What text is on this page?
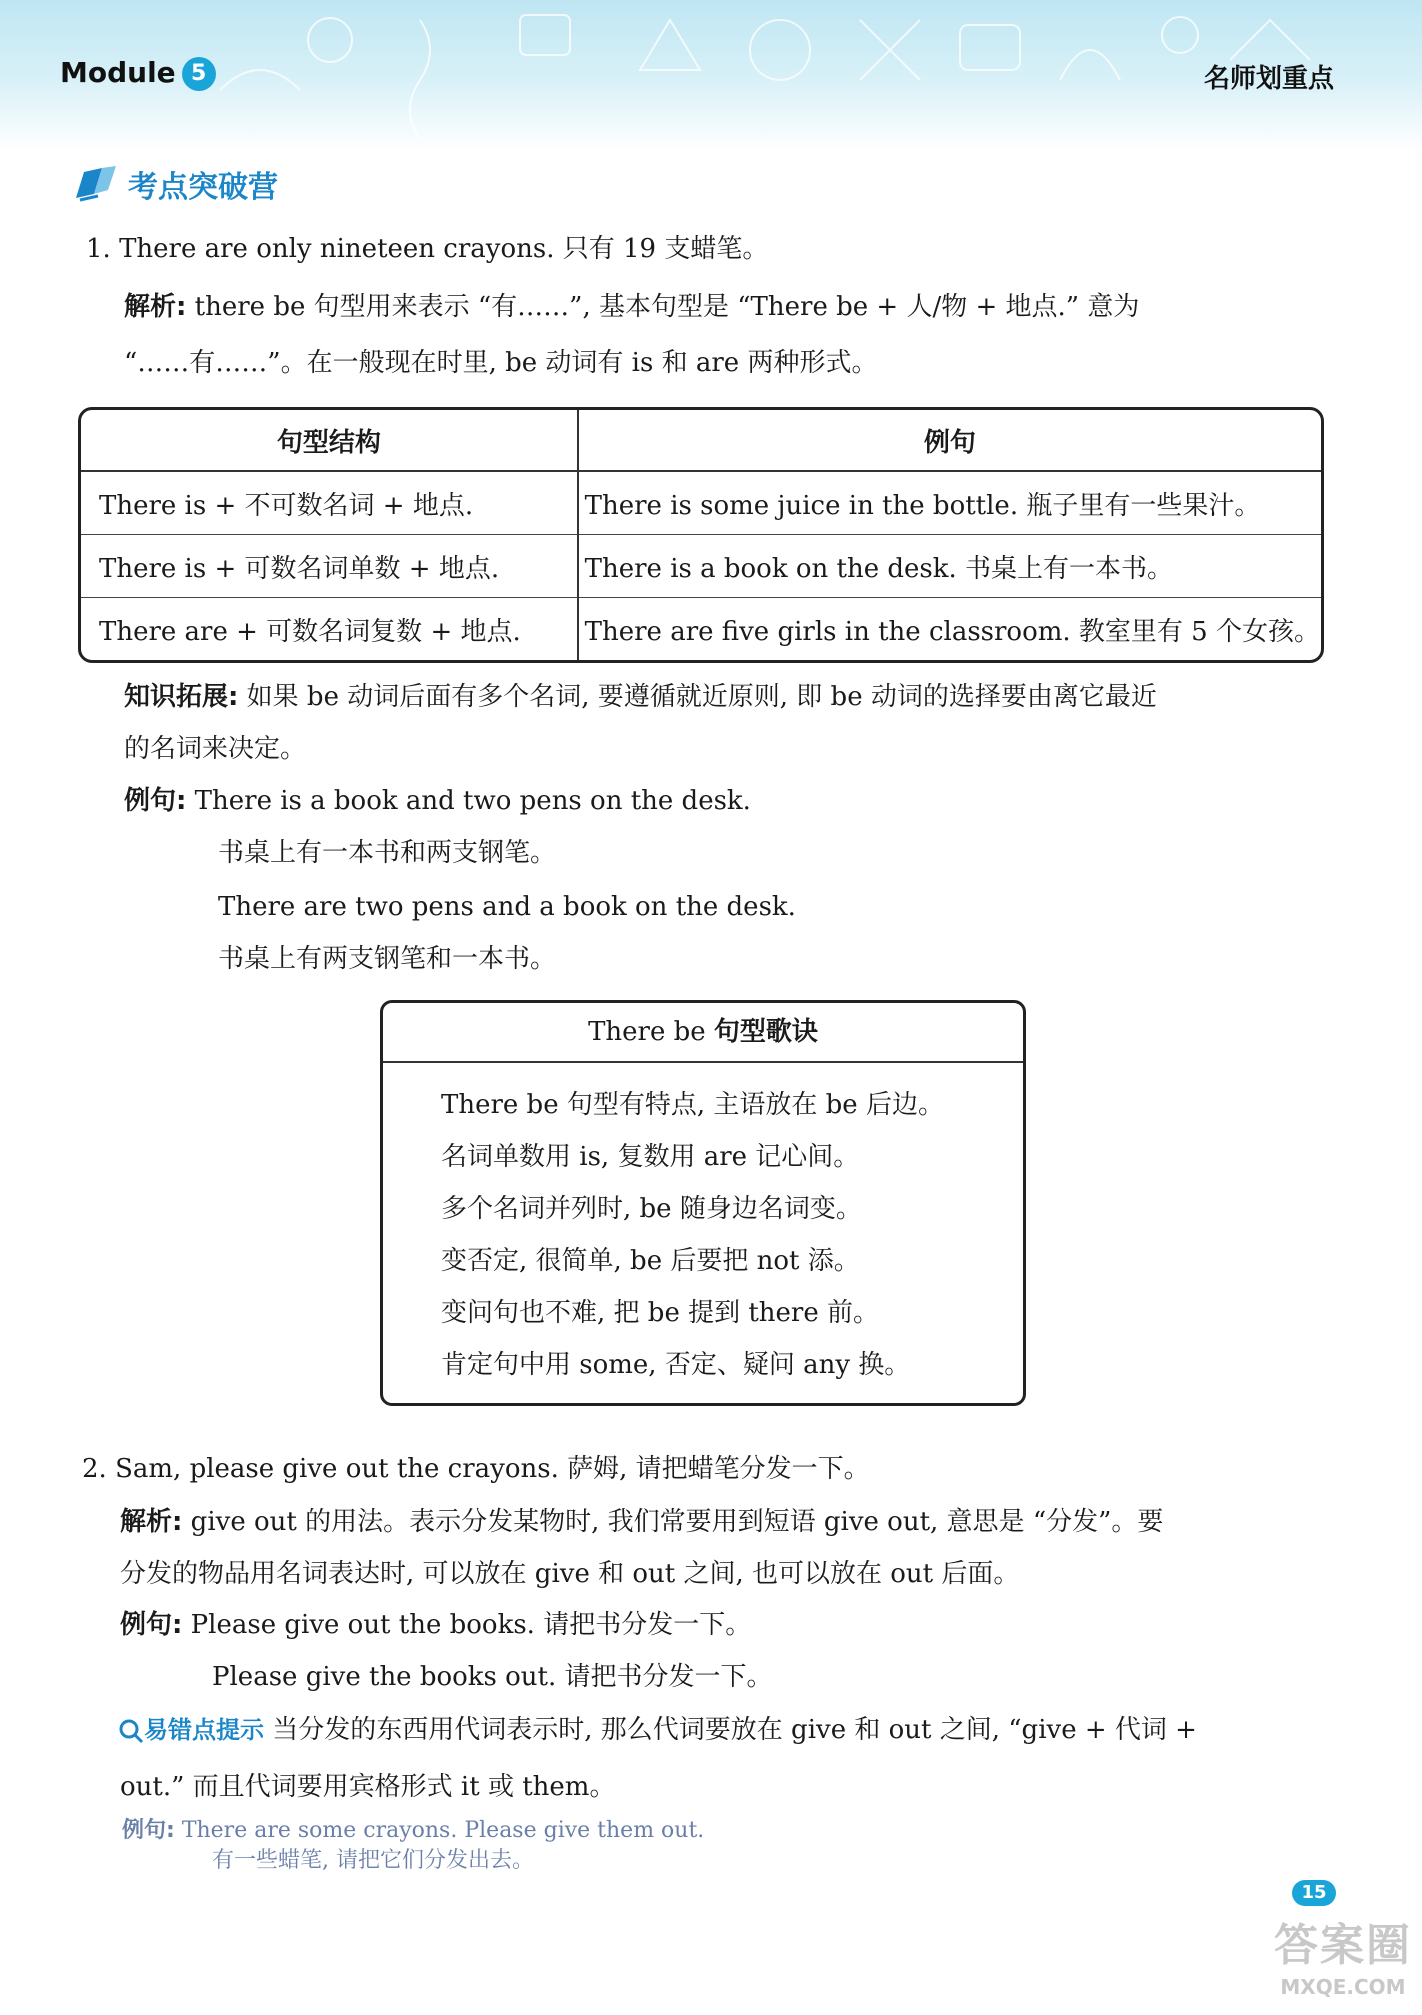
Module 5	名师划重点
考点突破营
1. There are only nineteen crayons. 只有 19 支蜡笔。
解析: there be 句型用来表示 “有……”, 基本句型是 “There be + 人/物 + 地点.” 意为
“……有……”。在一般现在时里, be 动词有 is 和 are 两种形式。
句型结构	例句
There is + 不可数名词 + 地点.	There is some juice in the bottle. 瓶子里有一些果汁。
There is + 可数名词单数 + 地点.	There is a book on the desk. 书桌上有一本书。
There are + 可数名词复数 + 地点.	There are five girls in the classroom. 教室里有 5 个女孩。
知识拓展: 如果 be 动词后面有多个名词, 要遵循就近原则, 即 be 动词的选择要由离它最近
的名词来决定。
例句: There is a book and two pens on the desk.
书桌上有一本书和两支钢笔。
There are two pens and a book on the desk.
书桌上有两支钢笔和一本书。
There be 句型歌诀
There be 句型有特点, 主语放在 be 后边。
名词单数用 is, 复数用 are 记心间。
多个名词并列时, be 随身边名词变。
变否定, 很简单, be 后要把 not 添。
变问句也不难, 把 be 提到 there 前。
肯定句中用 some, 否定、疑问 any 换。
2. Sam, please give out the crayons. 萨姆, 请把蜡笔分发一下。
解析: give out 的用法。表示分发某物时, 我们常要用到短语 give out, 意思是 “分发”。要
分发的物品用名词表达时, 可以放在 give 和 out 之间, 也可以放在 out 后面。
例句: Please give out the books. 请把书分发一下。
Please give the books out. 请把书分发一下。
易错点提示 当分发的东西用代词表示时, 那么代词要放在 give 和 out 之间, “give + 代词 +
out.” 而且代词要用宾格形式 it 或 them。
例句: There are some crayons. Please give them out.
有一些蜡笔, 请把它们分发出去。
15
答案圈
MXQE.COM
